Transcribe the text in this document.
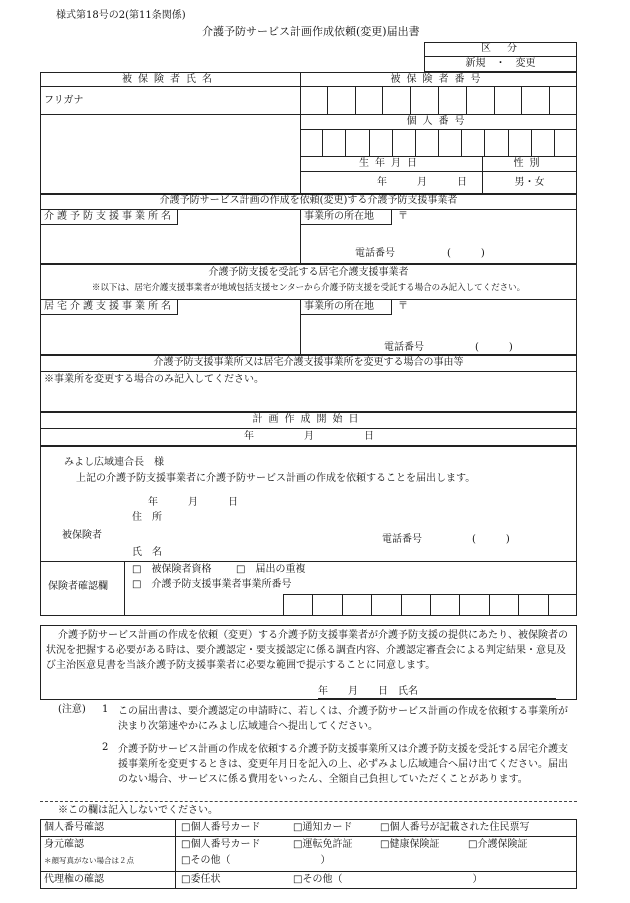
様式第18号の2(第11条関係)
介護予防サービス計画作成依頼(変更)届出書
区　分
新規　・　変更
被保険者氏名	被保険者番号
フリガナ
個人番号
生年月日	性別
年　　　月　　　日	男・女
介護予防サービス計画の作成を依頼(変更)する介護予防支援事業者
介護予防支援事業所名	事業所の所在地	〒
電話番号	(　　　)
介護予防支援を受託する居宅介護支援事業者
※以下は、居宅介護支援事業者が地域包括支援センターから介護予防支援を受託する場合のみ記入してください。
居宅介護支援事業所名	事業所の所在地	〒
電話番号	(　　　)
介護予防支援事業所又は居宅介護支援事業所を変更する場合の事由等
※事業所を変更する場合のみ記入してください。
計画作成開始日
年　　　　　月　　　　　日
みよし広域連合長　様
上記の介護予防支援事業者に介護予防サービス計画の作成を依頼することを届出します。
年　　　月　　　日
住　所
被保険者
氏　名
電話番号	(　　　)
保険者確認欄
□　被保険者資格 □　届出の重複
□　介護予防支援事業者事業所番号
介護予防サービス計画の作成を依頼（変更）する介護予防支援事業者が介護予防支援の提供にあたり、被保険者の状況を把握する必要がある時は、要介護認定・要支援認定に係る調査内容、介護認定審査会による判定結果・意見及び主治医意見書を当該介護予防支援事業者に必要な範囲で提示することに同意します。
年　　月　　日　氏名
(注意) 1 この届出書は、要介護認定の申請時に、若しくは、介護予防サービス計画の作成を依頼する事業所が決まり次第速やかにみよし広域連合へ提出してください。
2 介護予防サービス計画の作成を依頼する介護予防支援事業所又は介護予防支援を受託する居宅介護支援事業所を変更するときは、変更年月日を記入の上、必ずみよし広域連合へ届け出てください。届出のない場合、サービスに係る費用をいったん、全額自己負担していただくことがあります。
※この欄は記入しないでください。
個人番号確認	□個人番号カード	□通知カード	□個人番号が記載された住民票写
身元確認
＊顔写真がない場合は２点
□個人番号カード	□運転免許証	□健康保険証	□介護保険証
□その他（　　　　　　　　　）
代理権の確認	□委任状	□その他（　　　　　　　　　　　　　）
